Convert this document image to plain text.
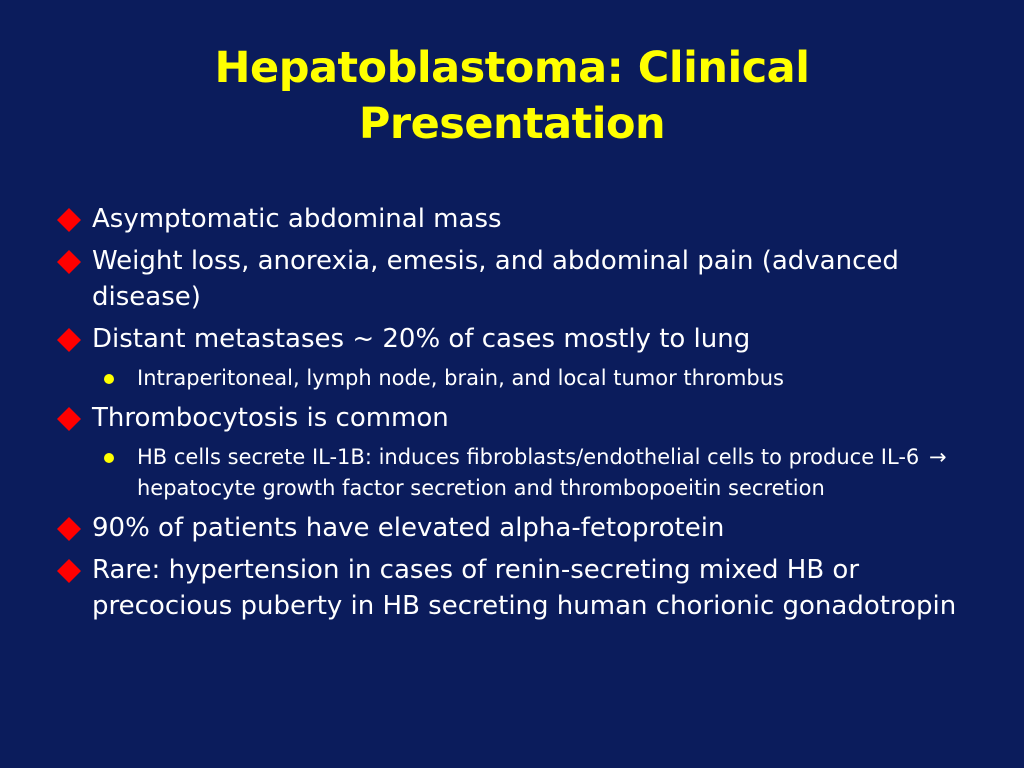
Hepatoblastoma: Clinical
Presentation
Asymptomatic abdominal mass
Weight loss, anorexia, emesis, and abdominal pain (advanced disease)
Distant metastases ~ 20% of cases mostly to lung
Intraperitoneal, lymph node, brain, and local tumor thrombus
Thrombocytosis is common
HB cells secrete IL-1B: induces fibroblasts/endothelial cells to produce IL-6 → hepatocyte growth factor secretion and thrombopoeitin secretion
90% of patients have elevated alpha-fetoprotein
Rare: hypertension in cases of renin-secreting mixed HB or precocious puberty in HB secreting human chorionic gonadotropin
